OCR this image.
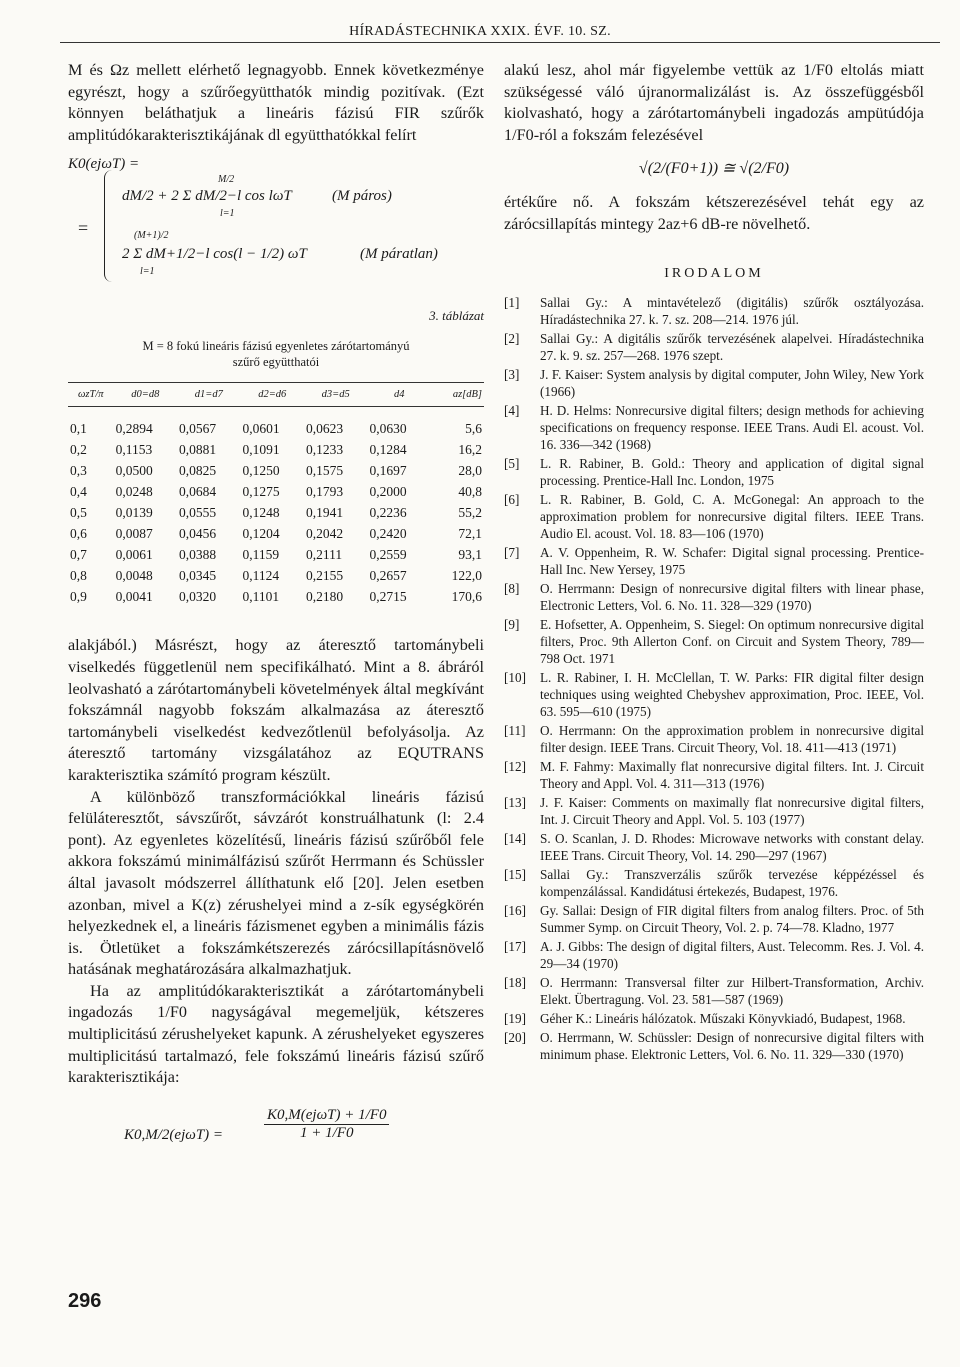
HÍRADÁSTECHNIKA XXIX. ÉVF. 10. SZ.

M és Ωz mellett elérhető legnagyobb. Ennek következménye egyrészt, hogy a szűrőegyütthatók mindig pozitívak. (Ezt könnyen beláthatjuk a lineáris fázisú FIR szűrők amplitúdókarakterisztikájának dl együtthatókkal felírt

K0(ejωT) =
=
M/2
dM/2 + 2 Σ dM/2−l cos lωT
l=1
(M páros)
(M+1)/2
2 Σ dM+1/2−l cos(l − 1/2) ωT
l=1
(M páratlan)
3. táblázat
M = 8 fokú lineáris fázisú egyenletes zárótartományú
szűrő együtthatói
ωzT/π	d0=d8	d1=d7	d2=d6	d3=d5	d4	az[dB]
0,1	0,2894	0,0567	0,0601	0,0623	0,0630	5,6
0,2	0,1153	0,0881	0,1091	0,1233	0,1284	16,2
0,3	0,0500	0,0825	0,1250	0,1575	0,1697	28,0
0,4	0,0248	0,0684	0,1275	0,1793	0,2000	40,8
0,5	0,0139	0,0555	0,1248	0,1941	0,2236	55,2
0,6	0,0087	0,0456	0,1204	0,2042	0,2420	72,1
0,7	0,0061	0,0388	0,1159	0,2111	0,2559	93,1
0,8	0,0048	0,0345	0,1124	0,2155	0,2657	122,0
0,9	0,0041	0,0320	0,1101	0,2180	0,2715	170,6

alakjából.) Másrészt, hogy az áteresztő tartománybeli viselkedés függetlenül nem specifikálható. Mint a 8. ábráról leolvasható a zárótartománybeli követelmények által megkívánt fokszámnál nagyobb fokszám alkalmazása az áteresztő tartománybeli viselkedést kedvezőtlenül befolyásolja. Az áteresztő tartomány vizsgálatához az EQUTRANS karakterisztika számító program készült.

A különböző transzformációkkal lineáris fázisú felüláteresztőt, sávszűrőt, sávzárót konstruálhatunk (l: 2.4 pont). Az egyenletes közelítésű, lineáris fázisú szűrőből fele akkora fokszámú minimálfázisú szűrőt Herrmann és Schüssler által javasolt módszerrel állíthatunk elő [20]. Jelen esetben azonban, mivel a K(z) zérushelyei mind a z-sík egységkörén helyezkednek el, a lineáris fázismenet egyben a minimális fázis is. Ötletüket a fokszámkétszerezés zárócsillapításnövelő hatásának meghatározására alkalmazhatjuk.

Ha az amplitúdókarakterisztikát a zárótartománybeli ingadozás 1/F0 nagyságával megemeljük, kétszeres multiplicitású zérushelyeket kapunk. A zérushelyeket egyszeres multiplicitású tartalmazó, fele fokszámú lineáris fázisú szűrő karakterisztikája:

K0,M/2(ejωT) =
K0,M(ejωT) + 1/F0
1 + 1/F0

alakú lesz, ahol már figyelembe vettük az 1/F0 eltolás miatt szükségessé váló újranormalizálást is. Az összefüggésből kiolvasható, hogy a zárótartománybeli ingadozás ampütúdója 1/F0-ról a fokszám felezésével

√(2/(F0+1)) ≅ √(2/F0)

értékűre nő. A fokszám kétszerezésével tehát egy az zárócsillapítás mintegy 2az+6 dB-re növelhető.

IRODALOM
[1]	Sallai Gy.: A mintavételező (digitális) szűrők osztályozása. Híradástechnika 27. k. 7. sz. 208—214. 1976 júl.
[2]	Sallai Gy.: A digitális szűrők tervezésének alapelvei. Híradástechnika 27. k. 9. sz. 257—268. 1976 szept.
[3]	J. F. Kaiser: System analysis by digital computer, John Wiley, New York (1966)
[4]	H. D. Helms: Nonrecursive digital filters; design methods for achieving specifications on frequency response. IEEE Trans. Audi El. acoust. Vol. 16. 336—342 (1968)
[5]	L. R. Rabiner, B. Gold.: Theory and application of digital signal processing. Prentice-Hall Inc. London, 1975
[6]	L. R. Rabiner, B. Gold, C. A. McGonegal: An approach to the approximation problem for nonrecursive digital filters. IEEE Trans. Audio El. acoust. Vol. 18. 83—106 (1970)
[7]	A. V. Oppenheim, R. W. Schafer: Digital signal processing. Prentice-Hall Inc. New Yersey, 1975
[8]	O. Herrmann: Design of nonrecursive digital filters with linear phase, Electronic Letters, Vol. 6. No. 11. 328—329 (1970)
[9]	E. Hofsetter, A. Oppenheim, S. Siegel: On optimum nonrecursive digital filters, Proc. 9th Allerton Conf. on Circuit and System Theory, 789—798 Oct. 1971
[10]	L. R. Rabiner, I. H. McClellan, T. W. Parks: FIR digital filter design techniques using weighted Chebyshev approximation, Proc. IEEE, Vol. 63. 595—610 (1975)
[11]	O. Herrmann: On the approximation problem in nonrecursive digital filter design. IEEE Trans. Circuit Theory, Vol. 18. 411—413 (1971)
[12]	M. F. Fahmy: Maximally flat nonrecursive digital filters. Int. J. Circuit Theory and Appl. Vol. 4. 311—313 (1976)
[13]	J. F. Kaiser: Comments on maximally flat nonrecursive digital filters, Int. J. Circuit Theory and Appl. Vol. 5. 103 (1977)
[14]	S. O. Scanlan, J. D. Rhodes: Microwave networks with constant delay. IEEE Trans. Circuit Theory, Vol. 14. 290—297 (1967)
[15]	Sallai Gy.: Transzverzális szűrők tervezése képpézéssel és kompenzálással. Kandidátusi értekezés, Budapest, 1976.
[16]	Gy. Sallai: Design of FIR digital filters from analog filters. Proc. of 5th Summer Symp. on Circuit Theory, Vol. 2. p. 74—78. Kladno, 1977
[17]	A. J. Gibbs: The design of digital filters, Aust. Telecomm. Res. J. Vol. 4. 29—34 (1970)
[18]	O. Herrmann: Transversal filter zur Hilbert-Transformation, Archiv. Elekt. Übertragung. Vol. 23. 581—587 (1969)
[19]	Géher K.: Lineáris hálózatok. Műszaki Könyvkiadó, Budapest, 1968.
[20]	O. Herrmann, W. Schüssler: Design of nonrecursive digital filters with minimum phase. Elektronic Letters, Vol. 6. No. 11. 329—330 (1970)
296
